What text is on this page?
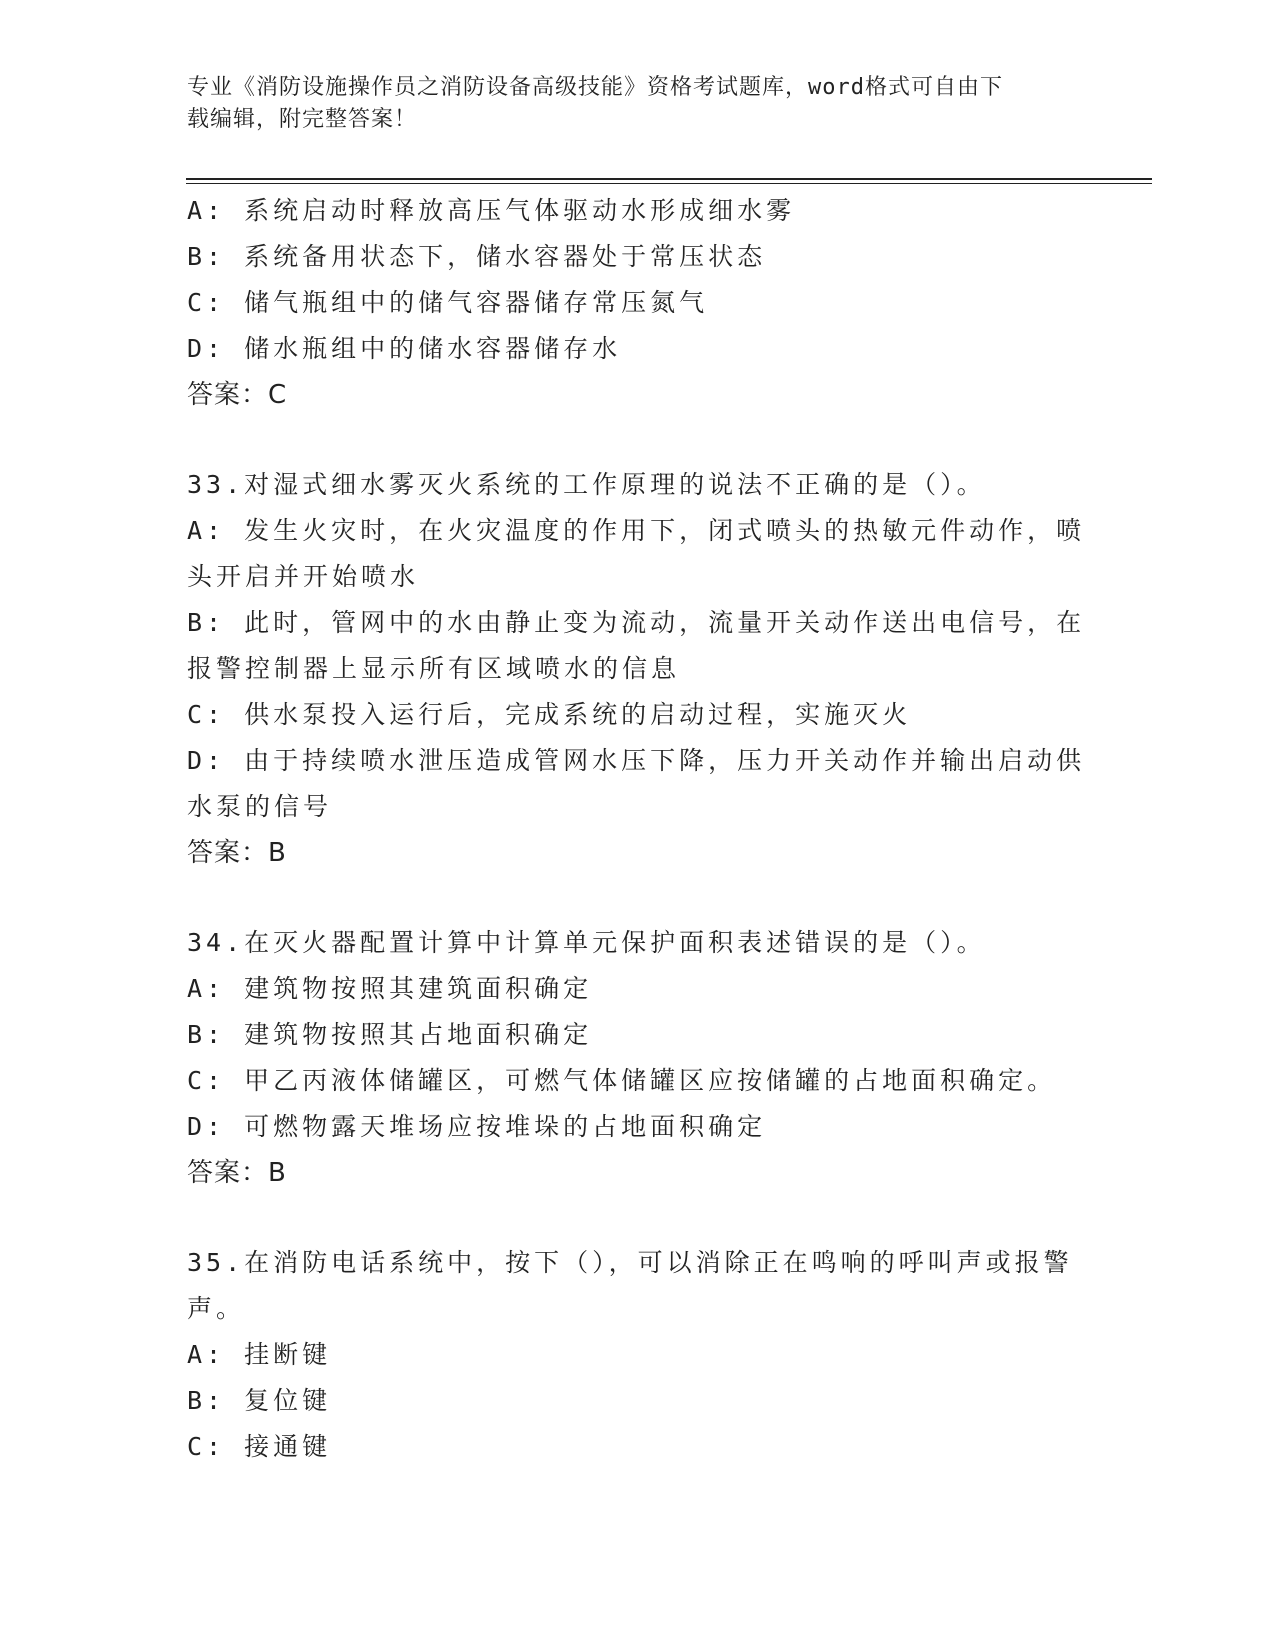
专业《消防设施操作员之消防设备高级技能》资格考试题库，word格式可自由下
载编辑，附完整答案！
A: 系统启动时释放高压气体驱动水形成细水雾
B: 系统备用状态下，储水容器处于常压状态
C: 储气瓶组中的储气容器储存常压氮气
D: 储水瓶组中的储水容器储存水
答案：C
33.对湿式细水雾灭火系统的工作原理的说法不正确的是（）。
A: 发生火灾时，在火灾温度的作用下，闭式喷头的热敏元件动作，喷
头开启并开始喷水
B: 此时，管网中的水由静止变为流动，流量开关动作送出电信号，在
报警控制器上显示所有区域喷水的信息
C: 供水泵投入运行后，完成系统的启动过程，实施灭火
D: 由于持续喷水泄压造成管网水压下降，压力开关动作并输出启动供
水泵的信号
答案：B
34.在灭火器配置计算中计算单元保护面积表述错误的是（）。
A: 建筑物按照其建筑面积确定
B: 建筑物按照其占地面积确定
C: 甲乙丙液体储罐区，可燃气体储罐区应按储罐的占地面积确定。
D: 可燃物露天堆场应按堆垛的占地面积确定
答案：B
35.在消防电话系统中，按下（），可以消除正在鸣响的呼叫声或报警
声。
A: 挂断键
B: 复位键
C: 接通键
